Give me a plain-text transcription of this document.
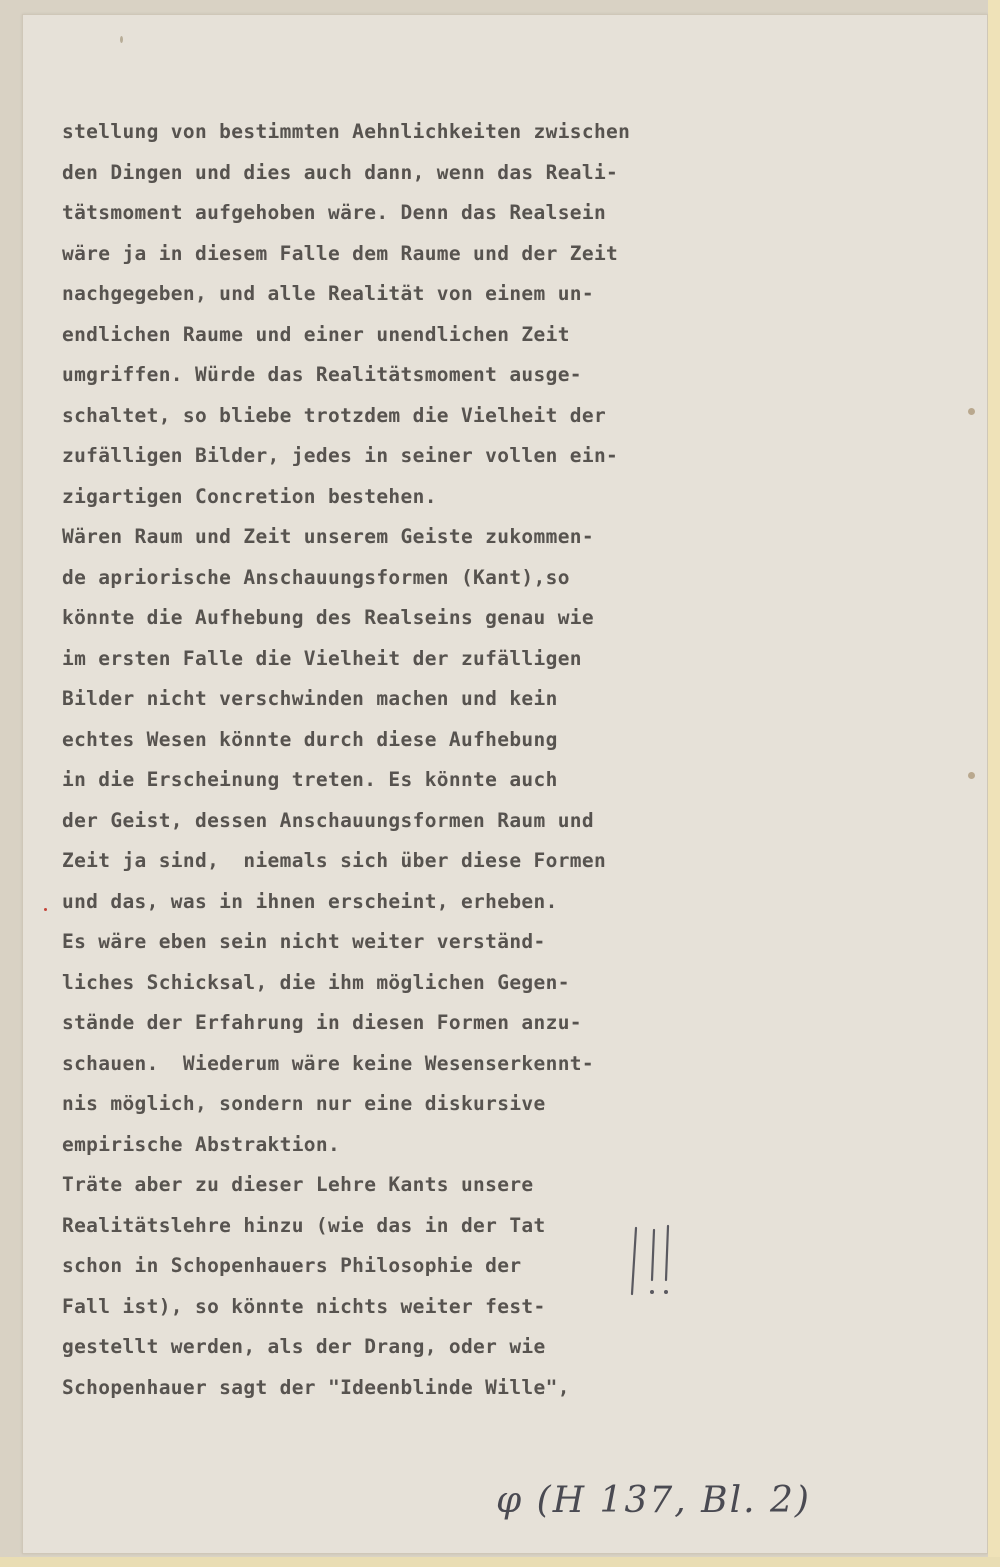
stellung von bestimmten Aehnlichkeiten zwischen
den Dingen und dies auch dann, wenn das Reali-
tätsmoment aufgehoben wäre. Denn das Realsein
wäre ja in diesem Falle dem Raume und der Zeit
nachgegeben, und alle Realität von einem un-
endlichen Raume und einer unendlichen Zeit
umgriffen. Würde das Realitätsmoment ausge-
schaltet, so bliebe trotzdem die Vielheit der
zufälligen Bilder, jedes in seiner vollen ein-
zigartigen Concretion bestehen.
Wären Raum und Zeit unserem Geiste zukommen-
de apriorische Anschauungsformen (Kant),so
könnte die Aufhebung des Realseins genau wie
im ersten Falle die Vielheit der zufälligen
Bilder nicht verschwinden machen und kein
echtes Wesen könnte durch diese Aufhebung
in die Erscheinung treten. Es könnte auch
der Geist, dessen Anschauungsformen Raum und
Zeit ja sind,  niemals sich über diese Formen
und das, was in ihnen erscheint, erheben.
Es wäre eben sein nicht weiter verständ-
liches Schicksal, die ihm möglichen Gegen-
stände der Erfahrung in diesen Formen anzu-
schauen.  Wiederum wäre keine Wesenserkennt-
nis möglich, sondern nur eine diskursive
empirische Abstraktion.
Träte aber zu dieser Lehre Kants unsere
Realitätslehre hinzu (wie das in der Tat
schon in Schopenhauers Philosophie der
Fall ist), so könnte nichts weiter fest-
gestellt werden, als der Drang, oder wie
Schopenhauer sagt der "Ideenblinde Wille",
φ (H 137, Bl. 2)
